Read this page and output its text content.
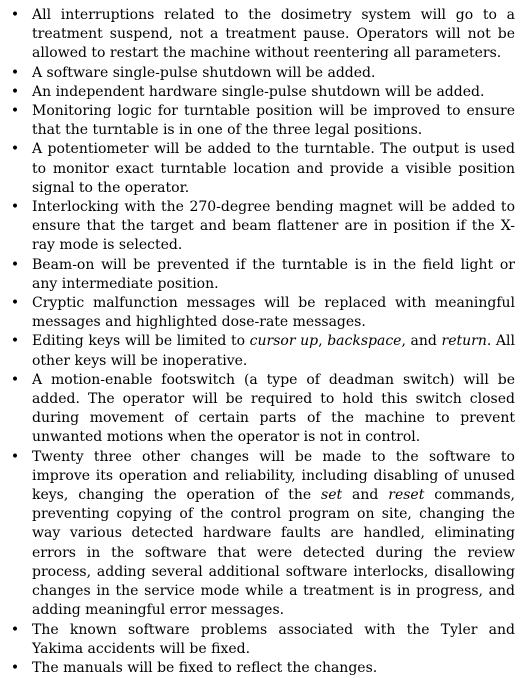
• All interruptions related to the dosimetry system will go to a treatment suspend, not a treatment pause. Operators will not be allowed to restart the machine without reentering all parameters.
• A software single-pulse shutdown will be added.
• An independent hardware single-pulse shutdown will be added.
• Monitoring logic for turntable position will be improved to ensure that the turntable is in one of the three legal positions.
• A potentiometer will be added to the turntable. The output is used to monitor exact turntable location and provide a visible position signal to the operator.
• Interlocking with the 270-degree bending magnet will be added to ensure that the target and beam flattener are in position if the X-ray mode is selected.
• Beam-on will be prevented if the turntable is in the field light or any intermediate position.
• Cryptic malfunction messages will be replaced with meaningful messages and highlighted dose-rate messages.
• Editing keys will be limited to cursor up, backspace, and return. All other keys will be inoperative.
• A motion-enable footswitch (a type of deadman switch) will be added. The operator will be required to hold this switch closed during movement of certain parts of the machine to prevent unwanted motions when the operator is not in control.
• Twenty three other changes will be made to the software to improve its operation and reliability, including disabling of unused keys, changing the operation of the set and reset commands, preventing copying of the control program on site, changing the way various detected hardware faults are handled, eliminating errors in the software that were detected during the review process, adding several additional software interlocks, disallowing changes in the service mode while a treatment is in progress, and adding meaningful error messages.
• The known software problems associated with the Tyler and Yakima accidents will be fixed.
• The manuals will be fixed to reflect the changes.
